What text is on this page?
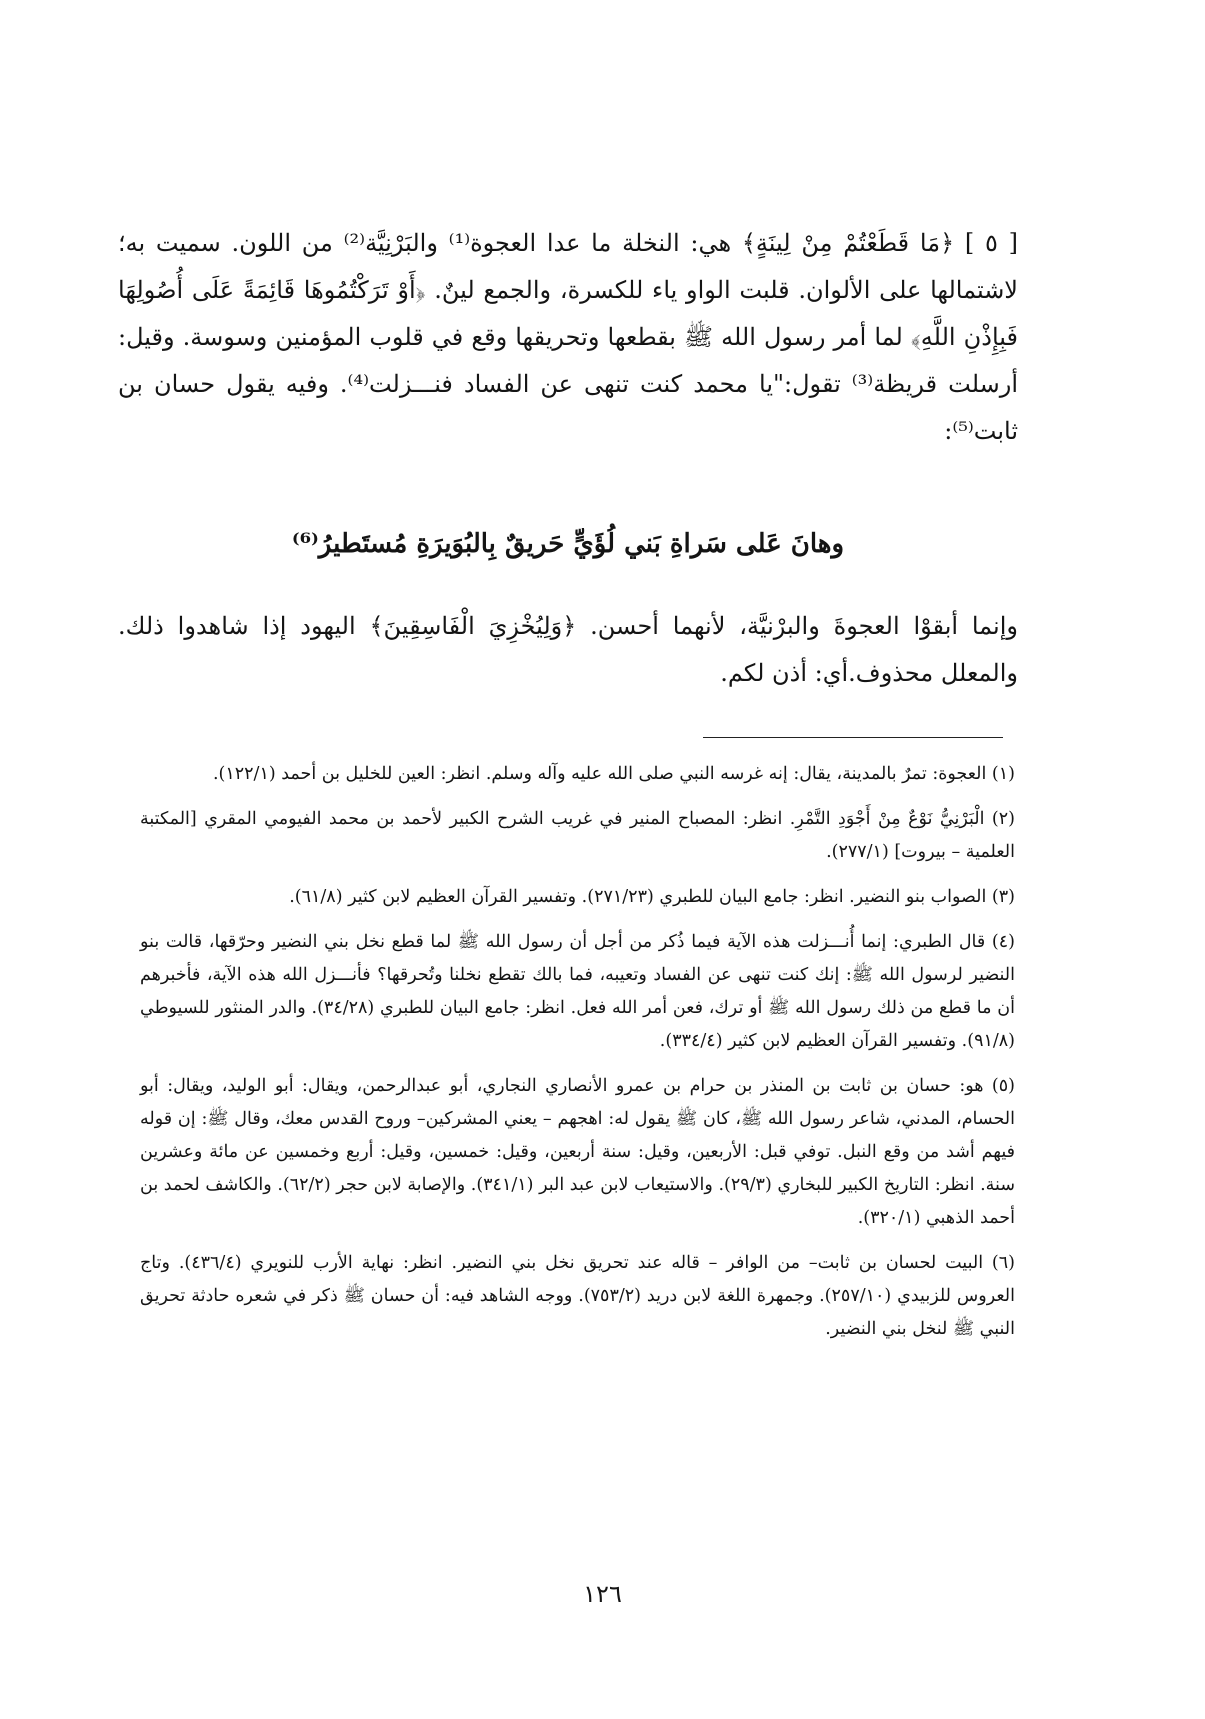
[ ٥ ] ﴿مَا قَطَعْتُمْ مِنْ لِينَةٍ﴾ هي: النخلة ما عدا العجوة⁽¹⁾ والبَرْنِيَّة⁽²⁾ من اللون. سميت به؛ لاشتمالها على الألوان. قلبت الواو ياء للكسرة، والجمع لينٌ. ﴿أَوْ تَرَكْتُمُوهَا قَائِمَةً عَلَى أُصُولِهَا فَبِإِذْنِ اللَّهِ﴾ لما أمر رسول الله ﷺ بقطعها وتحريقها وقع في قلوب المؤمنين وسوسة. وقيل: أرسلت قريظة⁽³⁾ تقول:"يا محمد كنت تنهى عن الفساد فنـــزلت⁽⁴⁾. وفيه يقول حسان بن ثابت⁽⁵⁾:

وهانَ عَلى سَراةِ بَني لُؤَيٍّ حَريقٌ بِالبُوَيرَةِ مُستَطيرُ⁽⁶⁾

وإنما أبقوْا العجوةَ والبرْنيَّة، لأنهما أحسن. ﴿وَلِيُخْزِيَ الْفَاسِقِينَ﴾ اليهود إذا شاهدوا ذلك. والمعلل محذوف.أي: أذن لكم.

(١) العجوة: تمرٌ بالمدينة، يقال: إنه غرسه النبي صلى الله عليه وآله وسلم. انظر: العين للخليل بن أحمد (١٢٢/١).

(٢) الْبَرْنِيُّ نَوْعٌ مِنْ أَجْوَدِ التَّمْرِ. انظر: المصباح المنير في غريب الشرح الكبير لأحمد بن محمد الفيومي المقري [المكتبة العلمية – بيروت] (٢٧٧/١).

(٣) الصواب بنو النضير. انظر: جامع البيان للطبري (٢٧١/٢٣). وتفسير القرآن العظيم لابن كثير (٦١/٨).

(٤) قال الطبري: إنما أُنـــزلت هذه الآية فيما ذُكر من أجل أن رسول الله ﷺ لما قطع نخل بني النضير وحرّقها، قالت بنو النضير لرسول الله ﷺ: إنك كنت تنهى عن الفساد وتعيبه، فما بالك تقطع نخلنا وتُحرقها؟ فأنـــزل الله هذه الآية، فأخبرهم أن ما قطع من ذلك رسول الله ﷺ أو ترك، فعن أمر الله فعل. انظر: جامع البيان للطبري (٣٤/٢٨). والدر المنثور للسيوطي (٩١/٨). وتفسير القرآن العظيم لابن كثير (٣٣٤/٤).

(٥) هو: حسان بن ثابت بن المنذر بن حرام بن عمرو الأنصاري النجاري، أبو عبدالرحمن، ويقال: أبو الوليد، ويقال: أبو الحسام، المدني، شاعر رسول الله ﷺ، كان ﷺ يقول له: اهجهم – يعني المشركين– وروح القدس معك، وقال ﷺ: إن قوله فيهم أشد من وقع النبل. توفي قبل: الأربعين، وقيل: سنة أربعين، وقيل: خمسين، وقيل: أربع وخمسين عن مائة وعشرين سنة. انظر: التاريخ الكبير للبخاري (٢٩/٣). والاستيعاب لابن عبد البر (٣٤١/١). والإصابة لابن حجر (٦٢/٢). والكاشف لحمد بن أحمد الذهبي (٣٢٠/١).

(٦) البيت لحسان بن ثابت– من الوافر – قاله عند تحريق نخل بني النضير. انظر: نهاية الأرب للنويري (٤٣٦/٤). وتاج العروس للزبيدي (٢٥٧/١٠). وجمهرة اللغة لابن دريد (٧٥٣/٢). ووجه الشاهد فيه: أن حسان ﷺ ذكر في شعره حادثة تحريق النبي ﷺ لنخل بني النضير.

١٢٦
